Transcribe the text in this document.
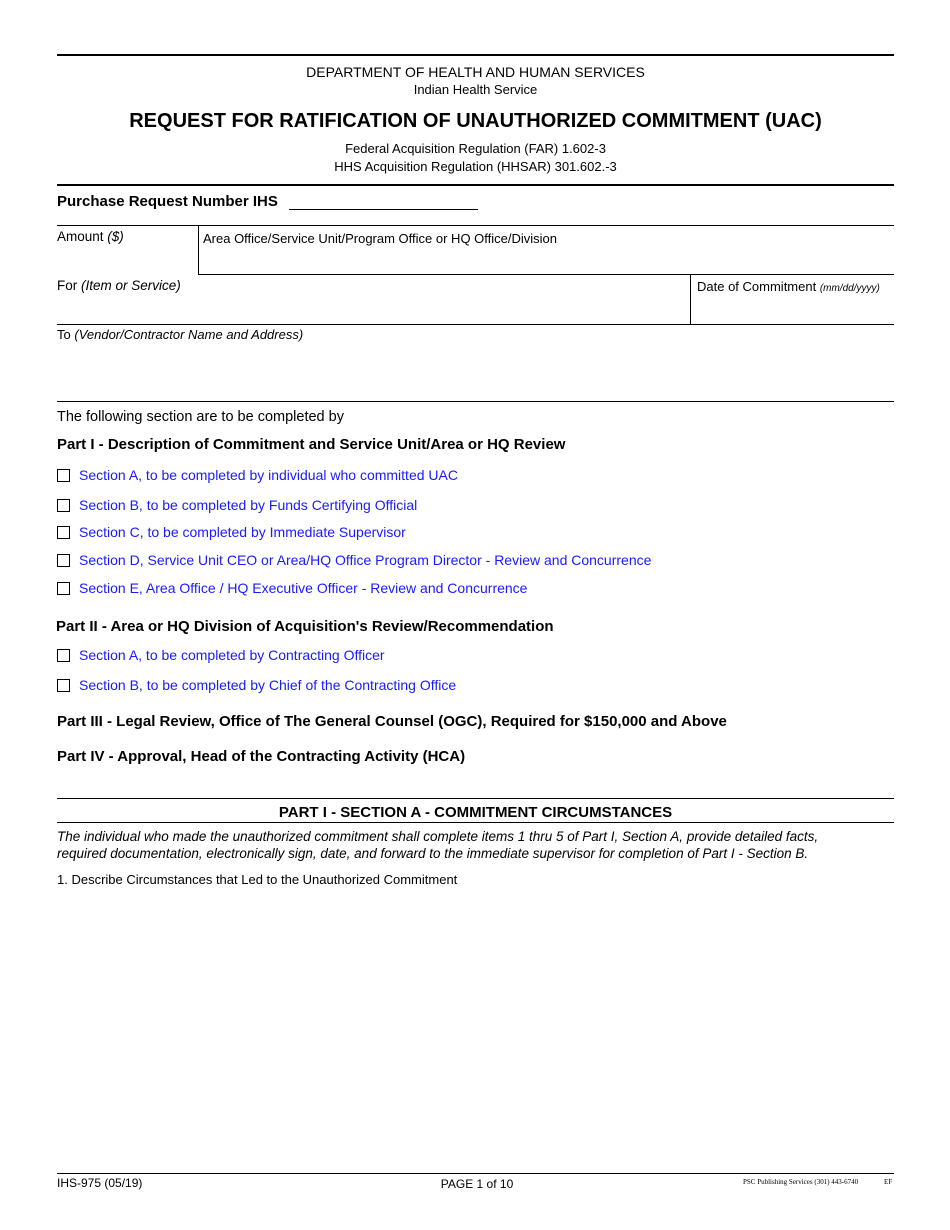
DEPARTMENT OF HEALTH AND HUMAN SERVICES
Indian Health Service
REQUEST FOR RATIFICATION OF UNAUTHORIZED COMMITMENT (UAC)
Federal Acquisition Regulation (FAR) 1.602-3
HHS Acquisition Regulation (HHSAR) 301.602.-3
Purchase Request Number IHS
Amount ($)	Area Office/Service Unit/Program Office or HQ Office/Division
For (Item or Service)	Date of Commitment (mm/dd/yyyy)
To (Vendor/Contractor Name and Address)
The following section are to be completed by
Part I - Description of Commitment and Service Unit/Area or HQ Review
Section A, to be completed by individual who committed UAC
Section B, to be completed by Funds Certifying Official
Section C, to be completed by Immediate Supervisor
Section D, Service Unit CEO or Area/HQ Office Program Director - Review and Concurrence
Section E, Area Office / HQ Executive Officer - Review and Concurrence
Part II - Area or HQ Division of Acquisition's Review/Recommendation
Section A, to be completed by Contracting Officer
Section B, to be completed by Chief of the Contracting Office
Part III - Legal Review, Office of The General Counsel (OGC), Required for $150,000 and Above
Part IV - Approval, Head of the Contracting Activity (HCA)
PART I - SECTION A - COMMITMENT CIRCUMSTANCES
The individual who made the unauthorized commitment shall complete items 1 thru 5 of Part I, Section A, provide detailed facts,
required documentation, electronically sign, date, and forward to the immediate supervisor for completion of Part I - Section B.
1. Describe Circumstances that Led to the Unauthorized Commitment
IHS-975 (05/19)	PAGE 1 of 10	PSC Publishing Services (301) 443-6740	EF
